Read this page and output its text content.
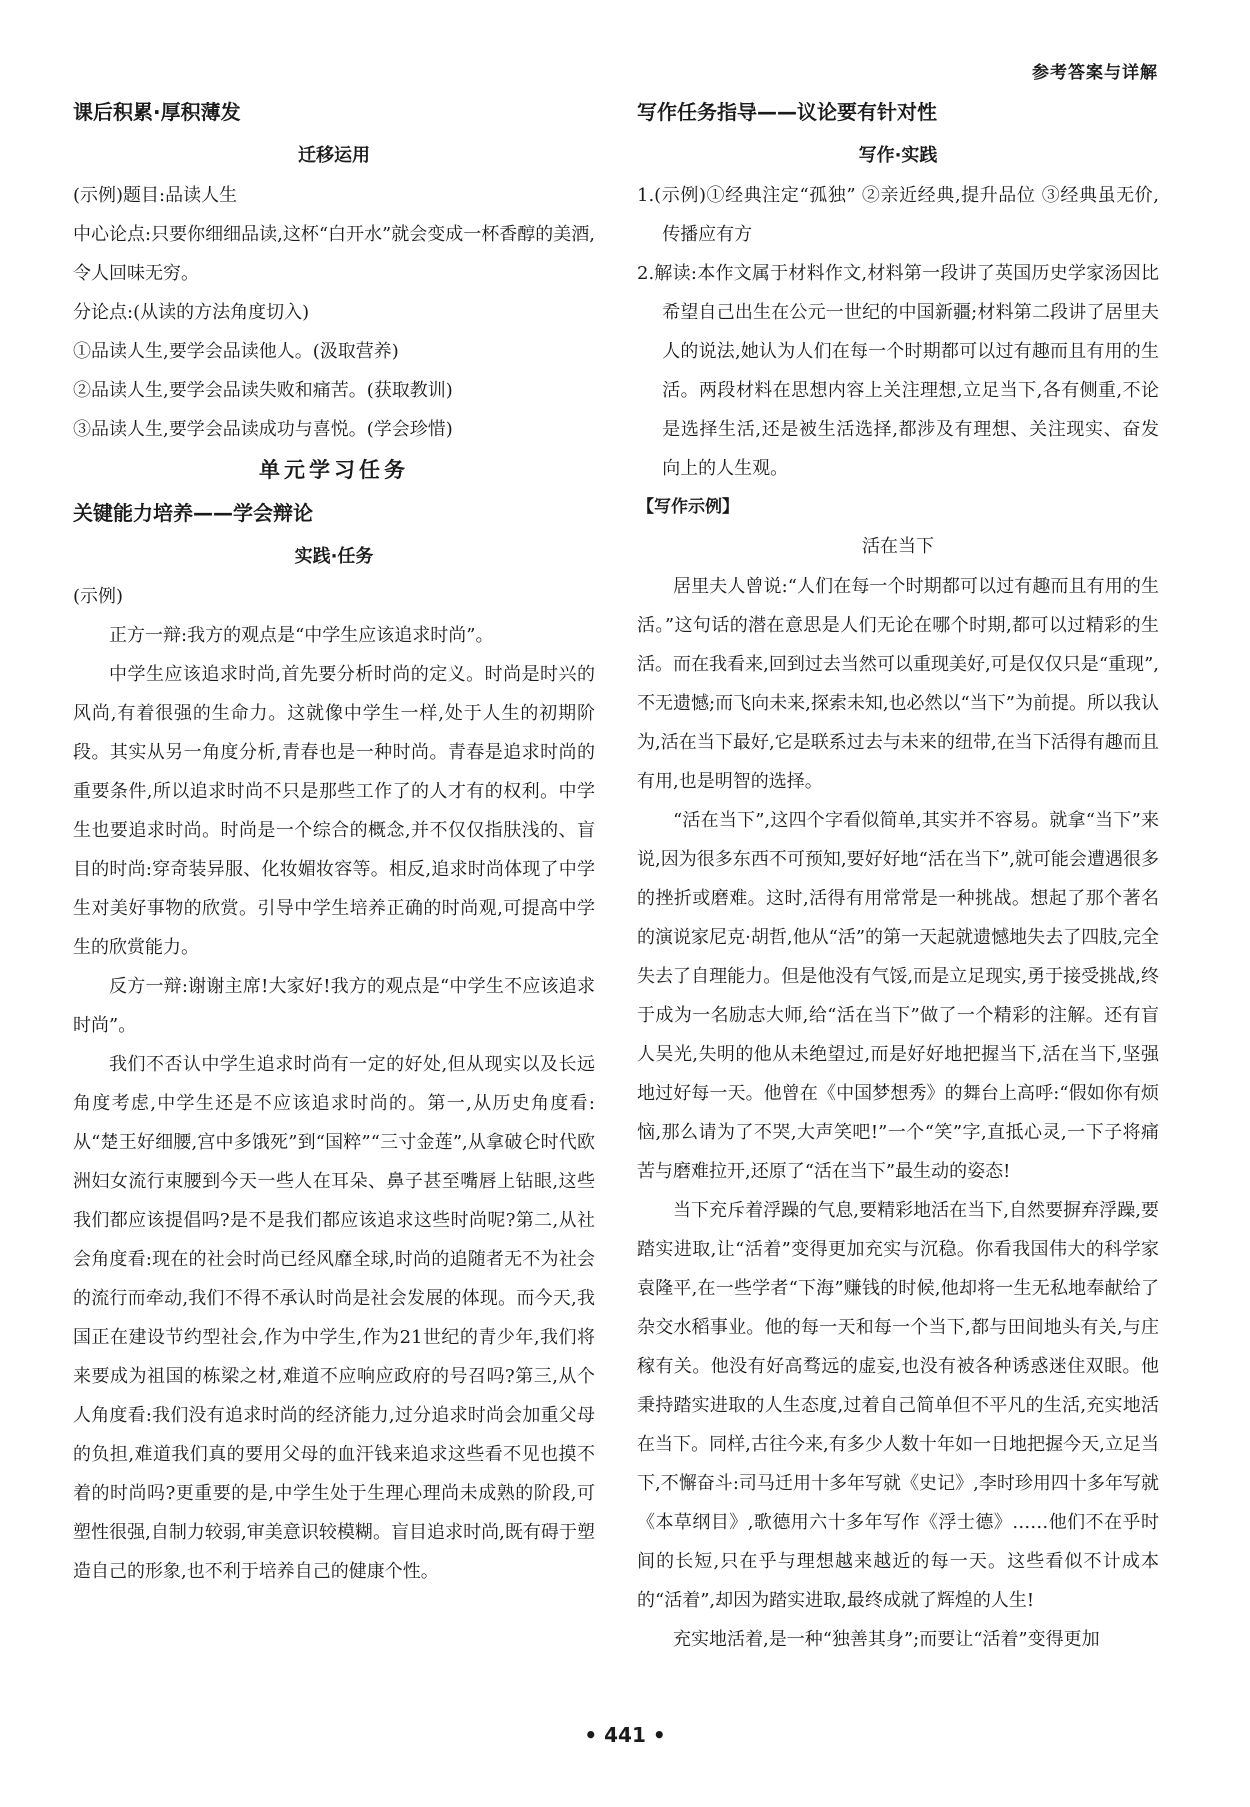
参考答案与详解
课后积累·厚积薄发
迁移运用

(示例)题目:品读人生

中心论点:只要你细细品读,这杯“白开水”就会变成一杯香醇的美酒,令人回味无穷。

分论点:(从读的方法角度切入)

①品读人生,要学会品读他人。(汲取营养)

②品读人生,要学会品读失败和痛苦。(获取教训)

③品读人生,要学会品读成功与喜悦。(学会珍惜)

单元学习任务
关键能力培养——学会辩论
实践·任务

(示例)

正方一辩:我方的观点是“中学生应该追求时尚”。

中学生应该追求时尚,首先要分析时尚的定义。时尚是时兴的风尚,有着很强的生命力。这就像中学生一样,处于人生的初期阶段。其实从另一角度分析,青春也是一种时尚。青春是追求时尚的重要条件,所以追求时尚不只是那些工作了的人才有的权利。中学生也要追求时尚。时尚是一个综合的概念,并不仅仅指肤浅的、盲目的时尚:穿奇装异服、化妆媚妆容等。相反,追求时尚体现了中学生对美好事物的欣赏。引导中学生培养正确的时尚观,可提高中学生的欣赏能力。

反方一辩:谢谢主席!大家好!我方的观点是“中学生不应该追求时尚”。

我们不否认中学生追求时尚有一定的好处,但从现实以及长远角度考虑,中学生还是不应该追求时尚的。第一,从历史角度看:从“楚王好细腰,宫中多饿死”到“国粹”“三寸金莲”,从拿破仑时代欧洲妇女流行束腰到今天一些人在耳朵、鼻子甚至嘴唇上钻眼,这些我们都应该提倡吗?是不是我们都应该追求这些时尚呢?第二,从社会角度看:现在的社会时尚已经风靡全球,时尚的追随者无不为社会的流行而牵动,我们不得不承认时尚是社会发展的体现。而今天,我国正在建设节约型社会,作为中学生,作为21世纪的青少年,我们将来要成为祖国的栋梁之材,难道不应响应政府的号召吗?第三,从个人角度看:我们没有追求时尚的经济能力,过分追求时尚会加重父母的负担,难道我们真的要用父母的血汗钱来追求这些看不见也摸不着的时尚吗?更重要的是,中学生处于生理心理尚未成熟的阶段,可塑性很强,自制力较弱,审美意识较模糊。盲目追求时尚,既有碍于塑造自己的形象,也不利于培养自己的健康个性。

写作任务指导——议论要有针对性
写作·实践

1.(示例)①经典注定“孤独” ②亲近经典,提升品位 ③经典虽无价,传播应有方

2.解读:本作文属于材料作文,材料第一段讲了英国历史学家汤因比希望自己出生在公元一世纪的中国新疆;材料第二段讲了居里夫人的说法,她认为人们在每一个时期都可以过有趣而且有用的生活。两段材料在思想内容上关注理想,立足当下,各有侧重,不论是选择生活,还是被生活选择,都涉及有理想、关注现实、奋发向上的人生观。

【写作示例】
活在当下

居里夫人曾说:“人们在每一个时期都可以过有趣而且有用的生活。”这句话的潜在意思是人们无论在哪个时期,都可以过精彩的生活。而在我看来,回到过去当然可以重现美好,可是仅仅只是“重现”,不无遗憾;而飞向未来,探索未知,也必然以“当下”为前提。所以我认为,活在当下最好,它是联系过去与未来的纽带,在当下活得有趣而且有用,也是明智的选择。

“活在当下”,这四个字看似简单,其实并不容易。就拿“当下”来说,因为很多东西不可预知,要好好地“活在当下”,就可能会遭遇很多的挫折或磨难。这时,活得有用常常是一种挑战。想起了那个著名的演说家尼克·胡哲,他从“活”的第一天起就遗憾地失去了四肢,完全失去了自理能力。但是他没有气馁,而是立足现实,勇于接受挑战,终于成为一名励志大师,给“活在当下”做了一个精彩的注解。还有盲人吴光,失明的他从未绝望过,而是好好地把握当下,活在当下,坚强地过好每一天。他曾在《中国梦想秀》的舞台上高呼:“假如你有烦恼,那么请为了不哭,大声笑吧!”一个“笑”字,直抵心灵,一下子将痛苦与磨难拉开,还原了“活在当下”最生动的姿态!

当下充斥着浮躁的气息,要精彩地活在当下,自然要摒弃浮躁,要踏实进取,让“活着”变得更加充实与沉稳。你看我国伟大的科学家袁隆平,在一些学者“下海”赚钱的时候,他却将一生无私地奉献给了杂交水稻事业。他的每一天和每一个当下,都与田间地头有关,与庄稼有关。他没有好高骛远的虚妄,也没有被各种诱惑迷住双眼。他秉持踏实进取的人生态度,过着自己简单但不平凡的生活,充实地活在当下。同样,古往今来,有多少人数十年如一日地把握今天,立足当下,不懈奋斗:司马迁用十多年写就《史记》,李时珍用四十多年写就《本草纲目》,歌德用六十多年写作《浮士德》……他们不在乎时间的长短,只在乎与理想越来越近的每一天。这些看似不计成本的“活着”,却因为踏实进取,最终成就了辉煌的人生!

充实地活着,是一种“独善其身”;而要让“活着”变得更加

• 441 •
